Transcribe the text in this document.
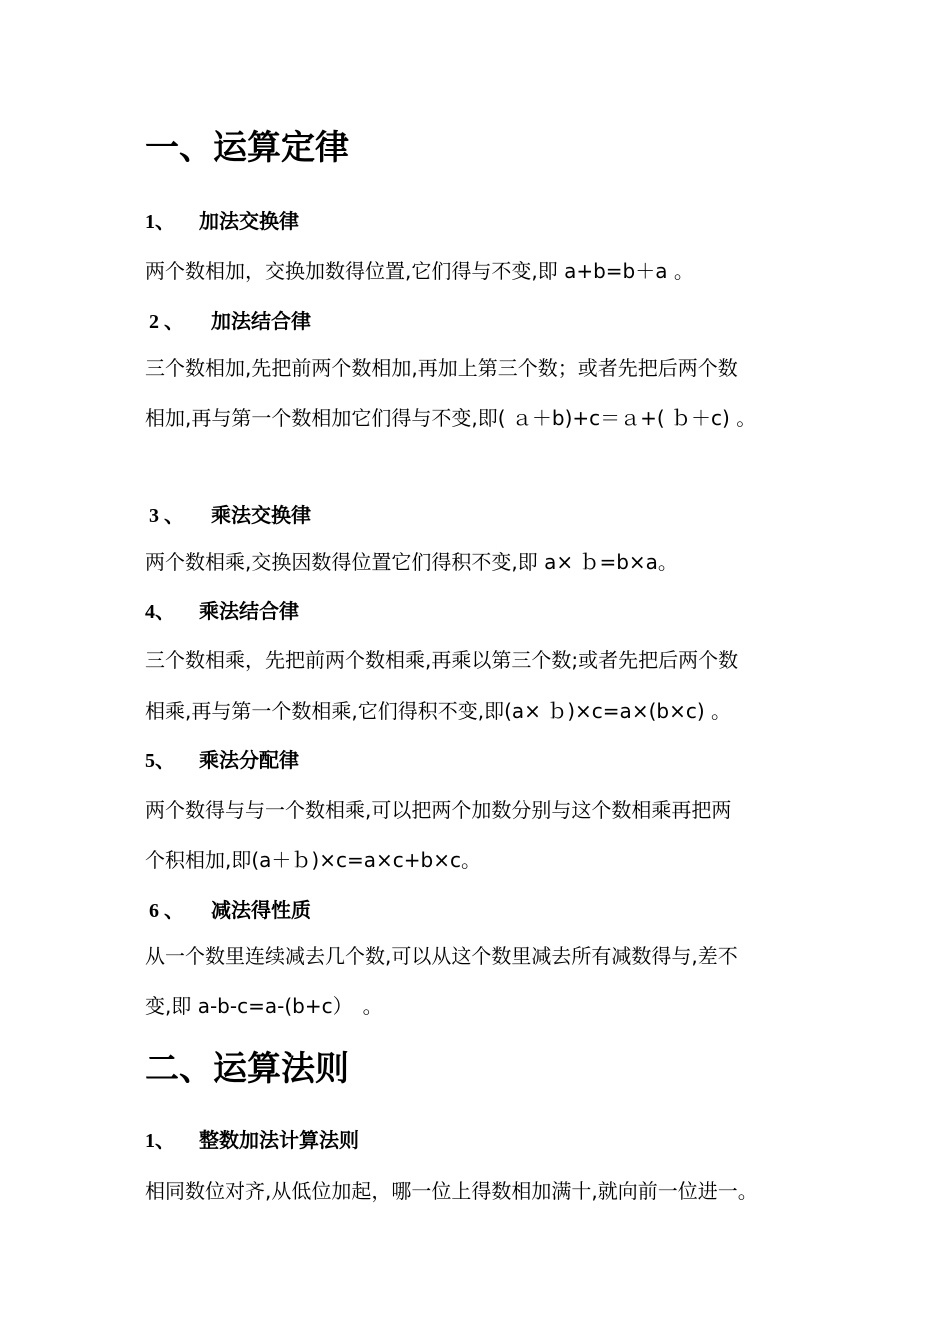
一、运算定律
1、 加法交换律
两个数相加，交换加数得位置,它们得与不变,即 a+b=b＋a 。
2 、 加法结合律
三个数相加,先把前两个数相加,再加上第三个数；或者先把后两个数
相加,再与第一个数相加它们得与不变,即( ａ＋b)+c＝ａ+( ｂ＋c) 。
3 、 乘法交换律
两个数相乘,交换因数得位置它们得积不变,即 a× ｂ=b×a。
4、 乘法结合律
三个数相乘，先把前两个数相乘,再乘以第三个数;或者先把后两个数
相乘,再与第一个数相乘,它们得积不变,即(a× ｂ)×c=a×(b×c) 。
5、 乘法分配律
两个数得与与一个数相乘,可以把两个加数分别与这个数相乘再把两
个积相加,即(a＋ｂ)×c=a×c+b×c。
6 、 减法得性质
从一个数里连续减去几个数,可以从这个数里减去所有减数得与,差不
变,即 a-b-c=a-(b+c）　。
二、运算法则
1、 整数加法计算法则
相同数位对齐,从低位加起，哪一位上得数相加满十,就向前一位进一。
